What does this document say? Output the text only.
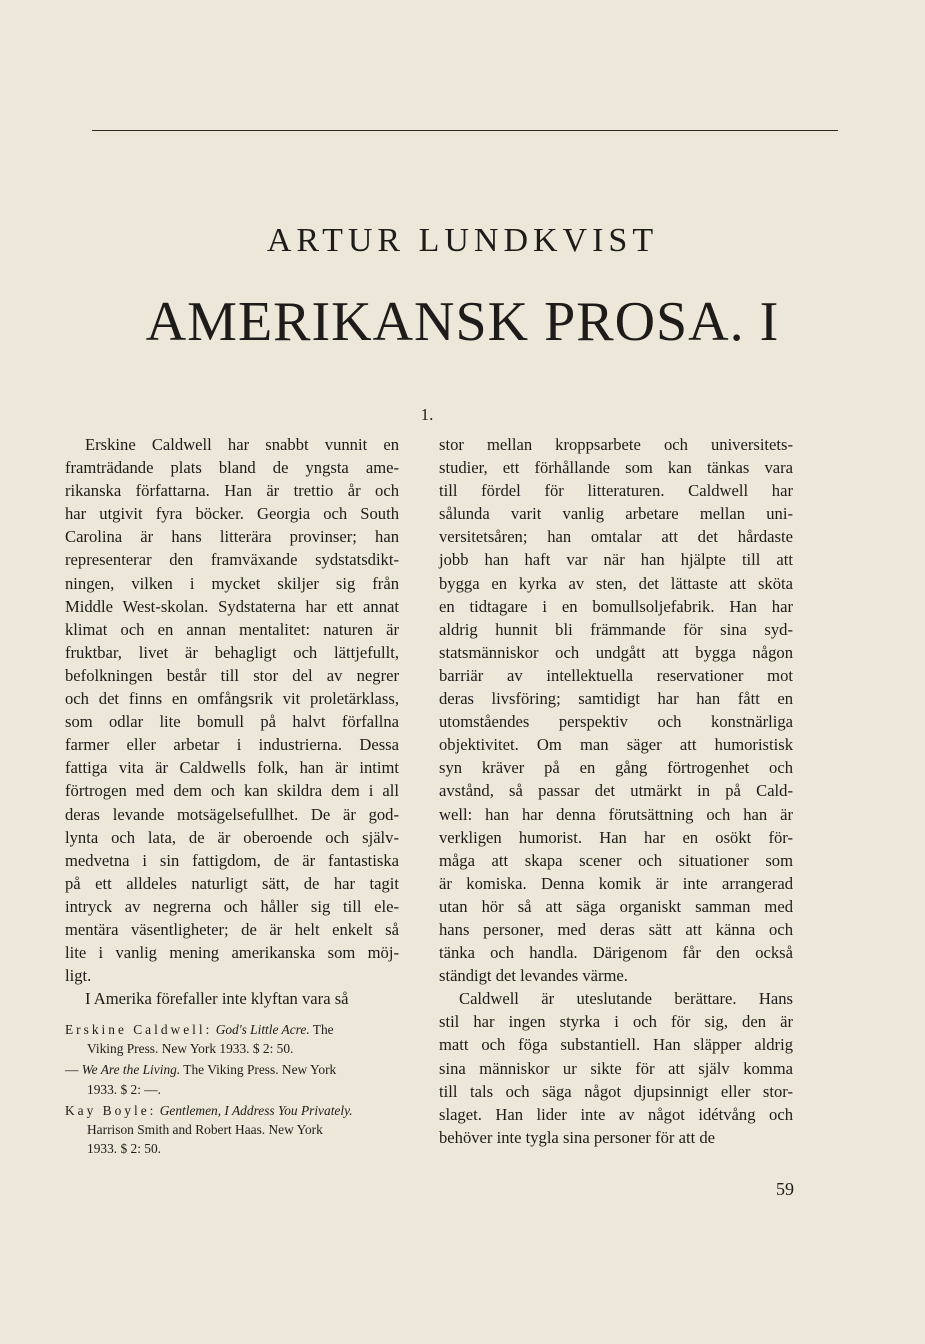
ARTUR LUNDKVIST
AMERIKANSK PROSA. I
1.
Erskine Caldwell har snabbt vunnit en
framträdande plats bland de yngsta ame-
rikanska författarna. Han är trettio år och
har utgivit fyra böcker. Georgia och South
Carolina är hans litterära provinser; han
representerar den framväxande sydstatsdikt-
ningen, vilken i mycket skiljer sig från
Middle West-skolan. Sydstaterna har ett annat
klimat och en annan mentalitet: naturen är
fruktbar, livet är behagligt och lättjefullt,
befolkningen består till stor del av negrer
och det finns en omfångsrik vit proletärklass,
som odlar lite bomull på halvt förfallna
farmer eller arbetar i industrierna. Dessa
fattiga vita är Caldwells folk, han är intimt
förtrogen med dem och kan skildra dem i all
deras levande motsägelsefullhet. De är god-
lynta och lata, de är oberoende och själv-
medvetna i sin fattigdom, de är fantastiska
på ett alldeles naturligt sätt, de har tagit
intryck av negrerna och håller sig till ele-
mentära väsentligheter; de är helt enkelt så
lite i vanlig mening amerikanska som möj-
ligt.
I Amerika förefaller inte klyftan vara så
stor mellan kroppsarbete och universitets-
studier, ett förhållande som kan tänkas vara
till fördel för litteraturen. Caldwell har
sålunda varit vanlig arbetare mellan uni-
versitetsåren; han omtalar att det hårdaste
jobb han haft var när han hjälpte till att
bygga en kyrka av sten, det lättaste att sköta
en tidtagare i en bomullsoljefabrik. Han har
aldrig hunnit bli främmande för sina syd-
statsmänniskor och undgått att bygga någon
barriär av intellektuella reservationer mot
deras livsföring; samtidigt har han fått en
utomståendes perspektiv och konstnärliga
objektivitet. Om man säger att humoristisk
syn kräver på en gång förtrogenhet och
avstånd, så passar det utmärkt in på Cald-
well: han har denna förutsättning och han är
verkligen humorist. Han har en osökt för-
måga att skapa scener och situationer som
är komiska. Denna komik är inte arrangerad
utan hör så att säga organiskt samman med
hans personer, med deras sätt att känna och
tänka och handla. Därigenom får den också
ständigt det levandes värme.
Caldwell är uteslutande berättare. Hans
stil har ingen styrka i och för sig, den är
matt och föga substantiell. Han släpper aldrig
sina människor ur sikte för att själv komma
till tals och säga något djupsinnigt eller stor-
slaget. Han lider inte av något idétvång och
behöver inte tygla sina personer för att de
Erskine Caldwell: God's Little Acre. The
Viking Press. New York 1933. $ 2: 50.
— We Are the Living. The Viking Press. New York
1933. $ 2: —.
Kay Boyle: Gentlemen, I Address You Privately.
Harrison Smith and Robert Haas. New York
1933. $ 2: 50.
59
